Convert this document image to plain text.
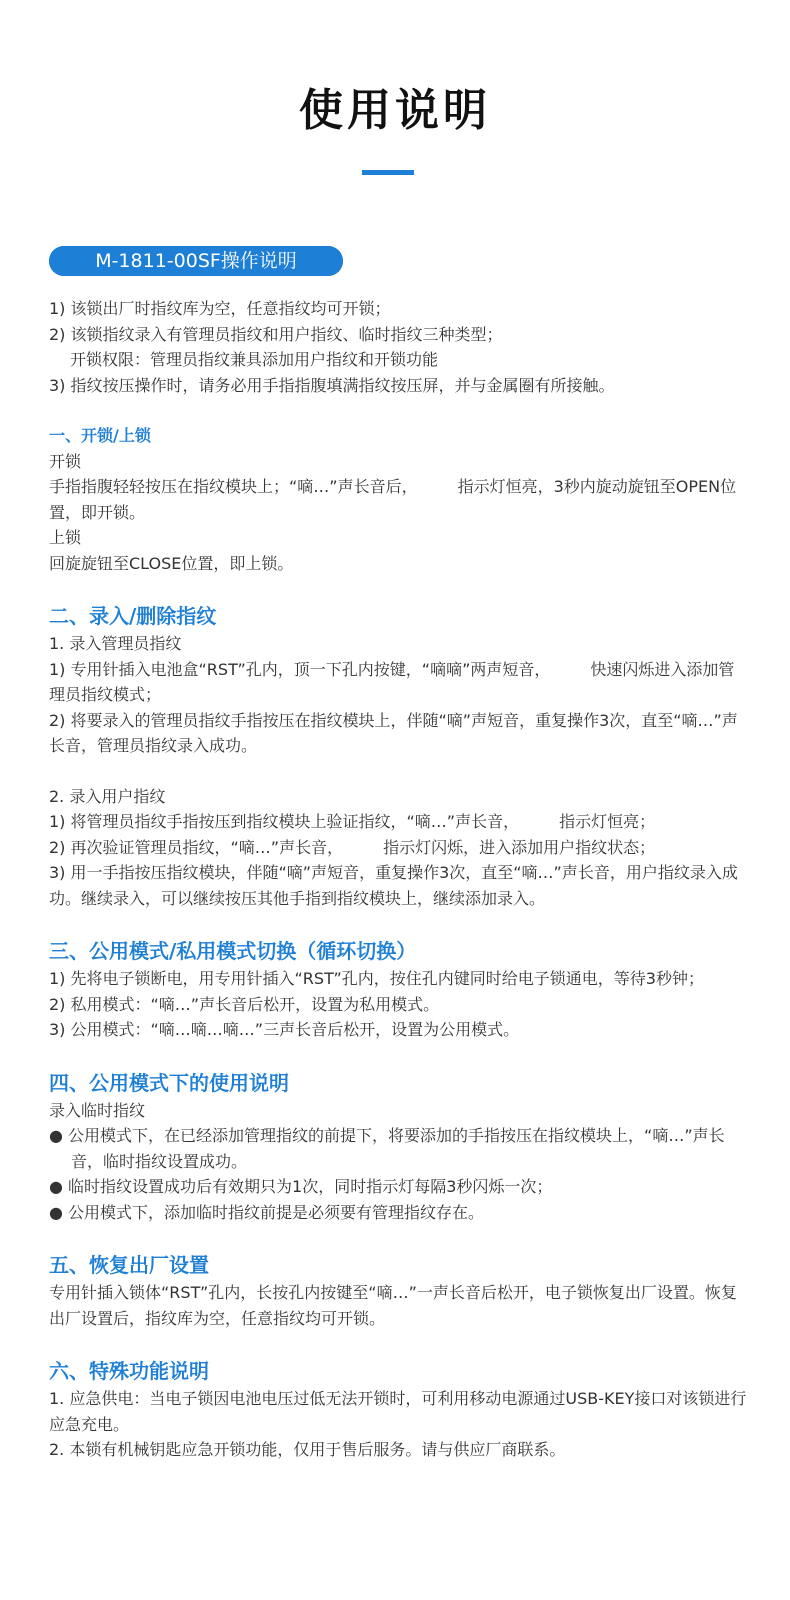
使用说明
M-1811-00SF操作说明

1) 该锁出厂时指纹库为空，任意指纹均可开锁；

2) 该锁指纹录入有管理员指纹和用户指纹、临时指纹三种类型；

开锁权限：管理员指纹兼具添加用户指纹和开锁功能

3) 指纹按压操作时，请务必用手指指腹填满指纹按压屏，并与金属圈有所接触。

一、开锁/上锁

开锁

手指指腹轻轻按压在指纹模块上；“嘀…”声长音后，　　　指示灯恒亮，3秒内旋动旋钮至OPEN位置，即开锁。

上锁

回旋旋钮至CLOSE位置，即上锁。

二、录入/删除指纹

1. 录入管理员指纹

1) 专用针插入电池盒“RST”孔内，顶一下孔内按键，“嘀嘀”两声短音，　　　快速闪烁进入添加管理员指纹模式；

2) 将要录入的管理员指纹手指按压在指纹模块上，伴随“嘀”声短音，重复操作3次，直至“嘀…”声长音，管理员指纹录入成功。

2. 录入用户指纹

1) 将管理员指纹手指按压到指纹模块上验证指纹，“嘀…”声长音，　　　指示灯恒亮；

2) 再次验证管理员指纹，“嘀…”声长音，　　　指示灯闪烁，进入添加用户指纹状态；

3) 用一手指按压指纹模块，伴随“嘀”声短音，重复操作3次，直至“嘀…”声长音，用户指纹录入成功。继续录入，可以继续按压其他手指到指纹模块上，继续添加录入。

三、公用模式/私用模式切换（循环切换）

1) 先将电子锁断电，用专用针插入“RST”孔内，按住孔内键同时给电子锁通电，等待3秒钟；

2) 私用模式：“嘀…”声长音后松开，设置为私用模式。

3) 公用模式：“嘀…嘀…嘀…”三声长音后松开，设置为公用模式。

四、公用模式下的使用说明

录入临时指纹

● 公用模式下，在已经添加管理指纹的前提下，将要添加的手指按压在指纹模块上，“嘀…”声长音，临时指纹设置成功。

● 临时指纹设置成功后有效期只为1次，同时指示灯每隔3秒闪烁一次；

● 公用模式下，添加临时指纹前提是必须要有管理指纹存在。

五、恢复出厂设置

专用针插入锁体“RST”孔内，长按孔内按键至“嘀…”一声长音后松开，电子锁恢复出厂设置。恢复出厂设置后，指纹库为空，任意指纹均可开锁。

六、特殊功能说明

1. 应急供电：当电子锁因电池电压过低无法开锁时，可利用移动电源通过USB-KEY接口对该锁进行应急充电。

2. 本锁有机械钥匙应急开锁功能，仅用于售后服务。请与供应厂商联系。
